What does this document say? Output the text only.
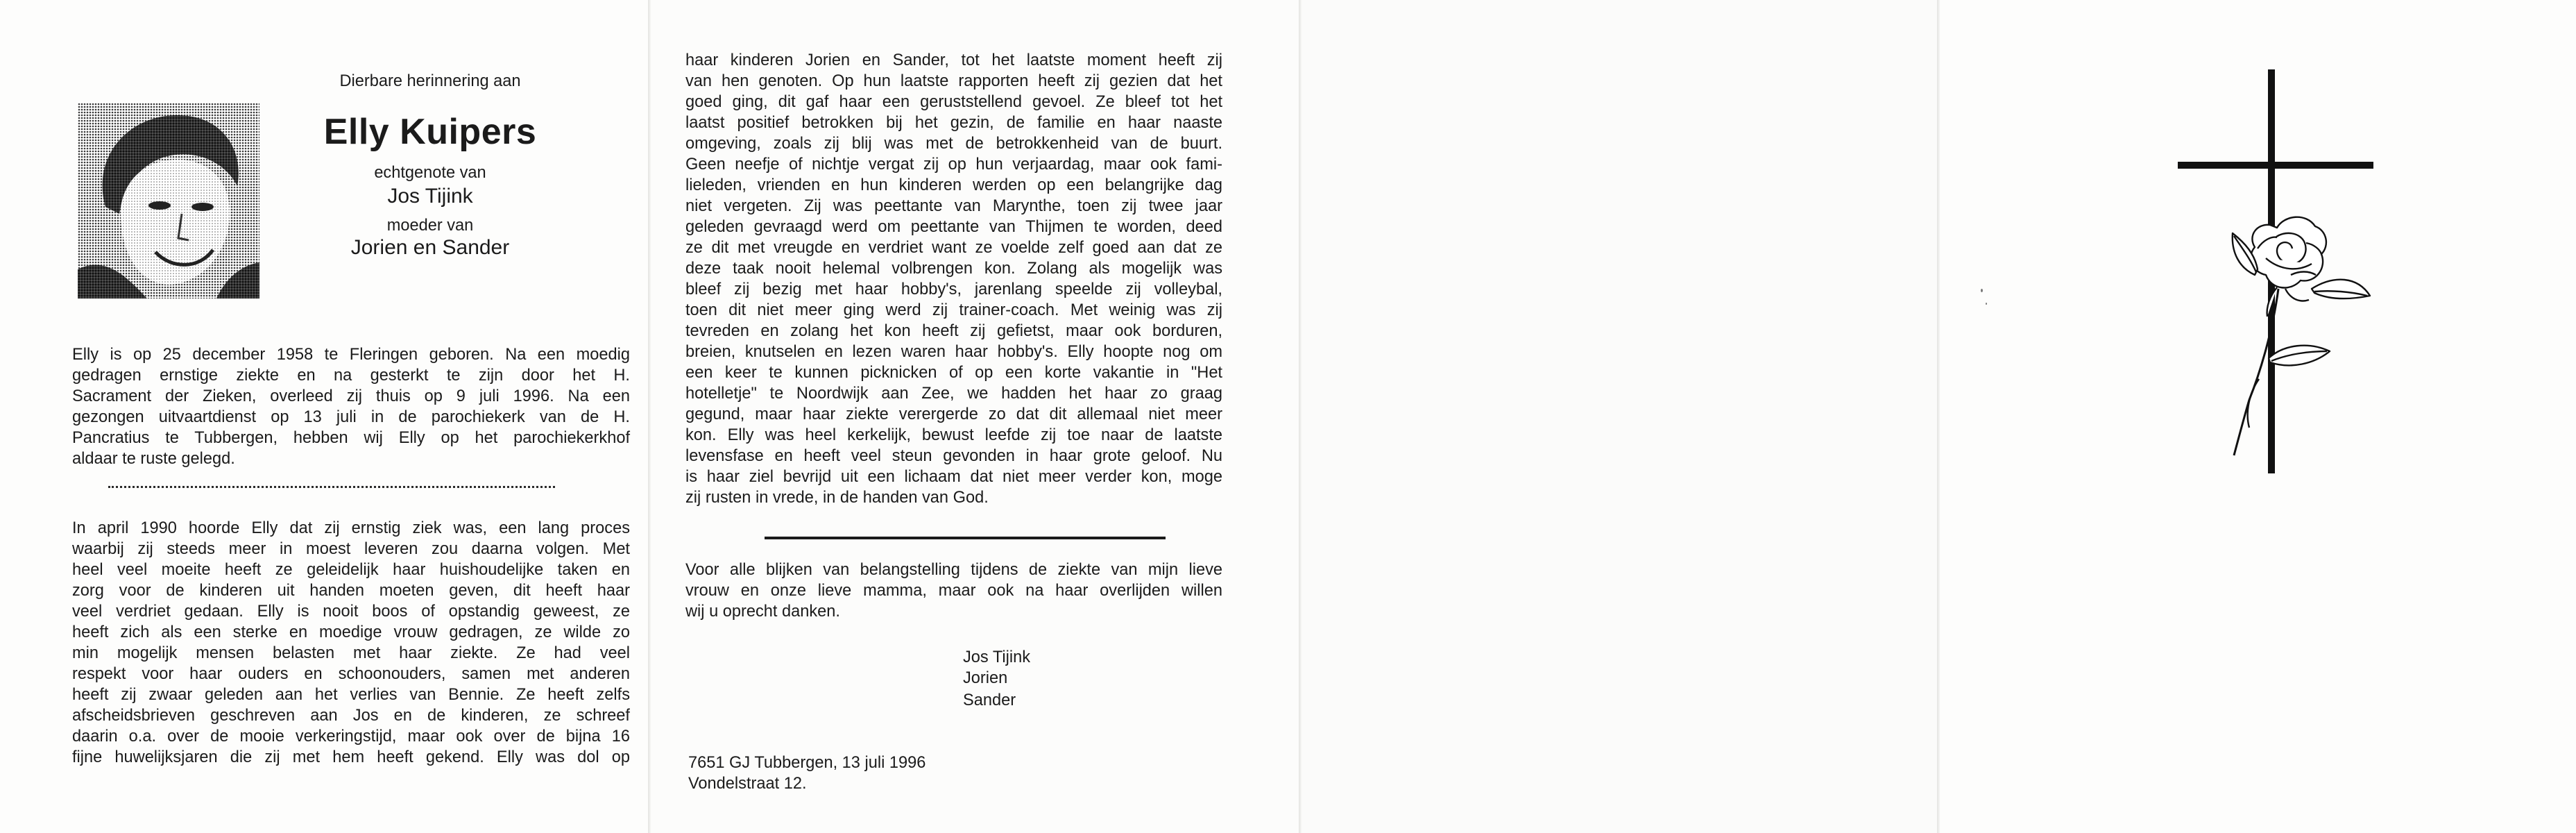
Dierbare herinnering aan
Elly Kuipers
echtgenote van
Jos Tijink
moeder van
Jorien en Sander
Elly is op 25 december 1958 te Fleringen geboren. Na een moedig
gedragen ernstige ziekte en na gesterkt te zijn door het H.
Sacrament der Zieken, overleed zij thuis op 9 juli 1996. Na een
gezongen uitvaartdienst op 13 juli in de parochiekerk van de H.
Pancratius te Tubbergen, hebben wij Elly op het parochiekerkhof
aldaar te ruste gelegd.
In april 1990 hoorde Elly dat zij ernstig ziek was, een lang proces
waarbij zij steeds meer in moest leveren zou daarna volgen. Met
heel veel moeite heeft ze geleidelijk haar huishoudelijke taken en
zorg voor de kinderen uit handen moeten geven, dit heeft haar
veel verdriet gedaan. Elly is nooit boos of opstandig geweest, ze
heeft zich als een sterke en moedige vrouw gedragen, ze wilde zo
min mogelijk mensen belasten met haar ziekte. Ze had veel
respekt voor haar ouders en schoonouders, samen met anderen
heeft zij zwaar geleden aan het verlies van Bennie. Ze heeft zelfs
afscheidsbrieven geschreven aan Jos en de kinderen, ze schreef
daarin o.a. over de mooie verkeringstijd, maar ook over de bijna 16
fijne huwelijksjaren die zij met hem heeft gekend. Elly was dol op
haar kinderen Jorien en Sander, tot het laatste moment heeft zij
van hen genoten. Op hun laatste rapporten heeft zij gezien dat het
goed ging, dit gaf haar een geruststellend gevoel. Ze bleef tot het
laatst positief betrokken bij het gezin, de familie en haar naaste
omgeving, zoals zij blij was met de betrokkenheid van de buurt.
Geen neefje of nichtje vergat zij op hun verjaardag, maar ook fami-
lieleden, vrienden en hun kinderen werden op een belangrijke dag
niet vergeten. Zij was peettante van Marynthe, toen zij twee jaar
geleden gevraagd werd om peettante van Thijmen te worden, deed
ze dit met vreugde en verdriet want ze voelde zelf goed aan dat ze
deze taak nooit helemal volbrengen kon. Zolang als mogelijk was
bleef zij bezig met haar hobby's, jarenlang speelde zij volleybal,
toen dit niet meer ging werd zij trainer-coach. Met weinig was zij
tevreden en zolang het kon heeft zij gefietst, maar ook borduren,
breien, knutselen en lezen waren haar hobby's. Elly hoopte nog om
een keer te kunnen picknicken of op een korte vakantie in "Het
hotelletje" te Noordwijk aan Zee, we hadden het haar zo graag
gegund, maar haar ziekte verergerde zo dat dit allemaal niet meer
kon. Elly was heel kerkelijk, bewust leefde zij toe naar de laatste
levensfase en heeft veel steun gevonden in haar grote geloof. Nu
is haar ziel bevrijd uit een lichaam dat niet meer verder kon, moge
zij rusten in vrede, in de handen van God.
Voor alle blijken van belangstelling tijdens de ziekte van mijn lieve
vrouw en onze lieve mamma, maar ook na haar overlijden willen
wij u oprecht danken.
Jos Tijink
Jorien
Sander
7651 GJ Tubbergen, 13 juli 1996
Vondelstraat 12.
